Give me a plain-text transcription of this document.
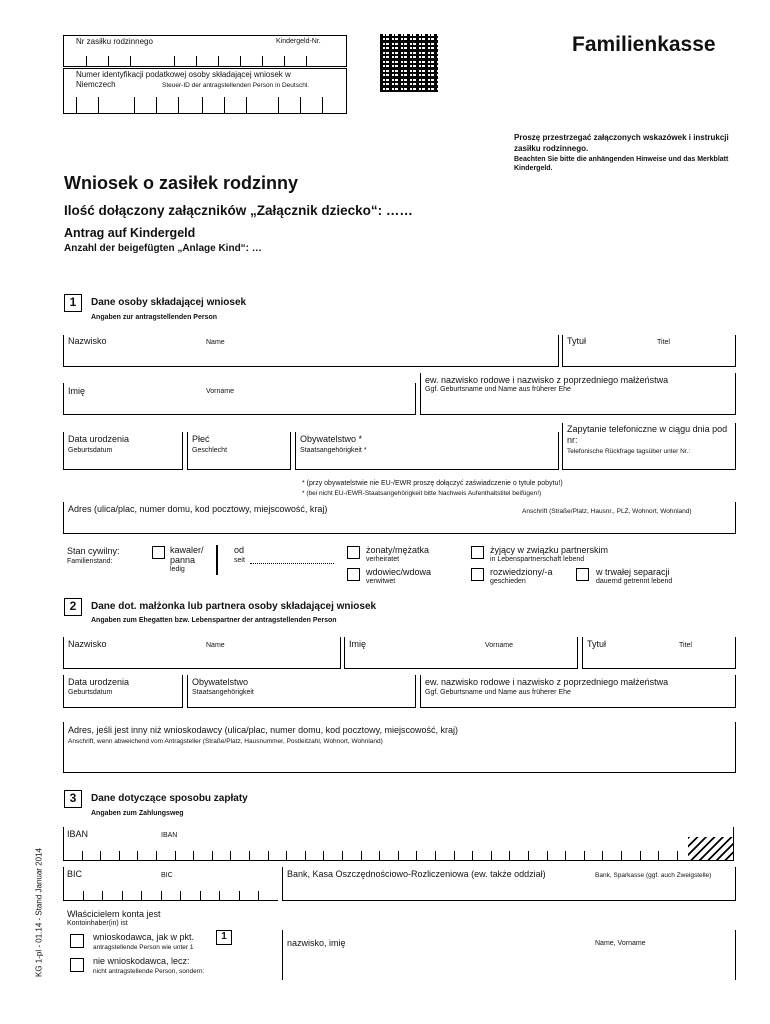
Nr zasiłku rodzinnego	Kindergeld-Nr.
Numer identyfikacji podatkowej osoby składającej wniosek w Niemczech	Steuer-ID der antragstellenden Person in Deutschl.
Familienkasse
Proszę przestrzegać załączonych wskazówek i instrukcji zasiłku rodzinnego.
Beachten Sie bitte die anhängenden Hinweise und das Merkblatt Kindergeld.
Wniosek o zasiłek rodzinny
Ilość dołączony załączników „Załącznik dziecko“: ……
Antrag auf Kindergeld
Anzahl der beigefügten „Anlage Kind“: …
1	Dane osoby składającej wniosek
Angaben zur antragstellenden Person
Nazwisko	Name	Tytuł	Titel
Imię	Vorname
ew. nazwisko rodowe i nazwisko z poprzedniego małżeństwa
Ggf. Geburtsname und Name aus früherer Ehe
Data urodzenia
Geburtsdatum
Płeć
Geschlecht
Obywatelstwo *
Staatsangehörigkeit *
Zapytanie telefoniczne w ciągu dnia pod nr:
Telefonische Rückfrage tagsüber unter Nr.:
* (przy obywatelstwie nie EU-/EWR proszę dołączyć zaświadczenie o tytule pobytu!)
* (bei nicht EU-/EWR-Staatsangehörigkeit bitte Nachweis Aufenthaltstitel beifügen!)
Adres (ulica/plac, numer domu, kod pocztowy, miejscowość, kraj)	Anschrift (Straße/Platz, Hausnr., PLZ, Wohnort, Wohnland)
Stan cywilny:
Familienstand:
kawaler/ panna
ledig
od
seit
żonaty/mężatka
verheiratet
wdowiec/wdowa
verwitwet
żyjący w związku partnerskim
in Lebenspartnerschaft lebend
rozwiedziony/-a
geschieden
w trwałej separacji
dauernd getrennt lebend
2	Dane dot. małżonka lub partnera osoby składającej wniosek
Angaben zum Ehegatten bzw. Lebenspartner der antragstellenden Person
Nazwisko	Name	Imię	Vorname	Tytuł	Titel
Data urodzenia
Geburtsdatum
Obywatelstwo
Staatsangehörigkeit
ew. nazwisko rodowe i nazwisko z poprzedniego małżeństwa
Ggf. Geburtsname und Name aus früherer Ehe
Adres, jeśli jest inny niż wnioskodawcy (ulica/plac, numer domu, kod pocztowy, miejscowość, kraj)
Anschrift, wenn abweichend vom Antragsteller (Straße/Platz, Hausnummer, Postleitzahl, Wohnort, Wohnland)
3	Dane dotyczące sposobu zapłaty
Angaben zum Zahlungsweg
IBAN	IBAN
BIC	BIC	Bank, Kasa Oszczędnościowo-Rozliczeniowa (ew. także oddział)	Bank, Sparkasse (ggf. auch Zweigstelle)
Właścicielem konta jest
Kontoinhaber(in) ist
wnioskodawca, jak w pkt.	1
antragstellende Person wie unter 1
nie wnioskodawca, lecz:
nicht antragstellende Person, sondern:
nazwisko, imię	Name, Vorname
KG 1-pl - 01.14 - Stand Januar 2014
